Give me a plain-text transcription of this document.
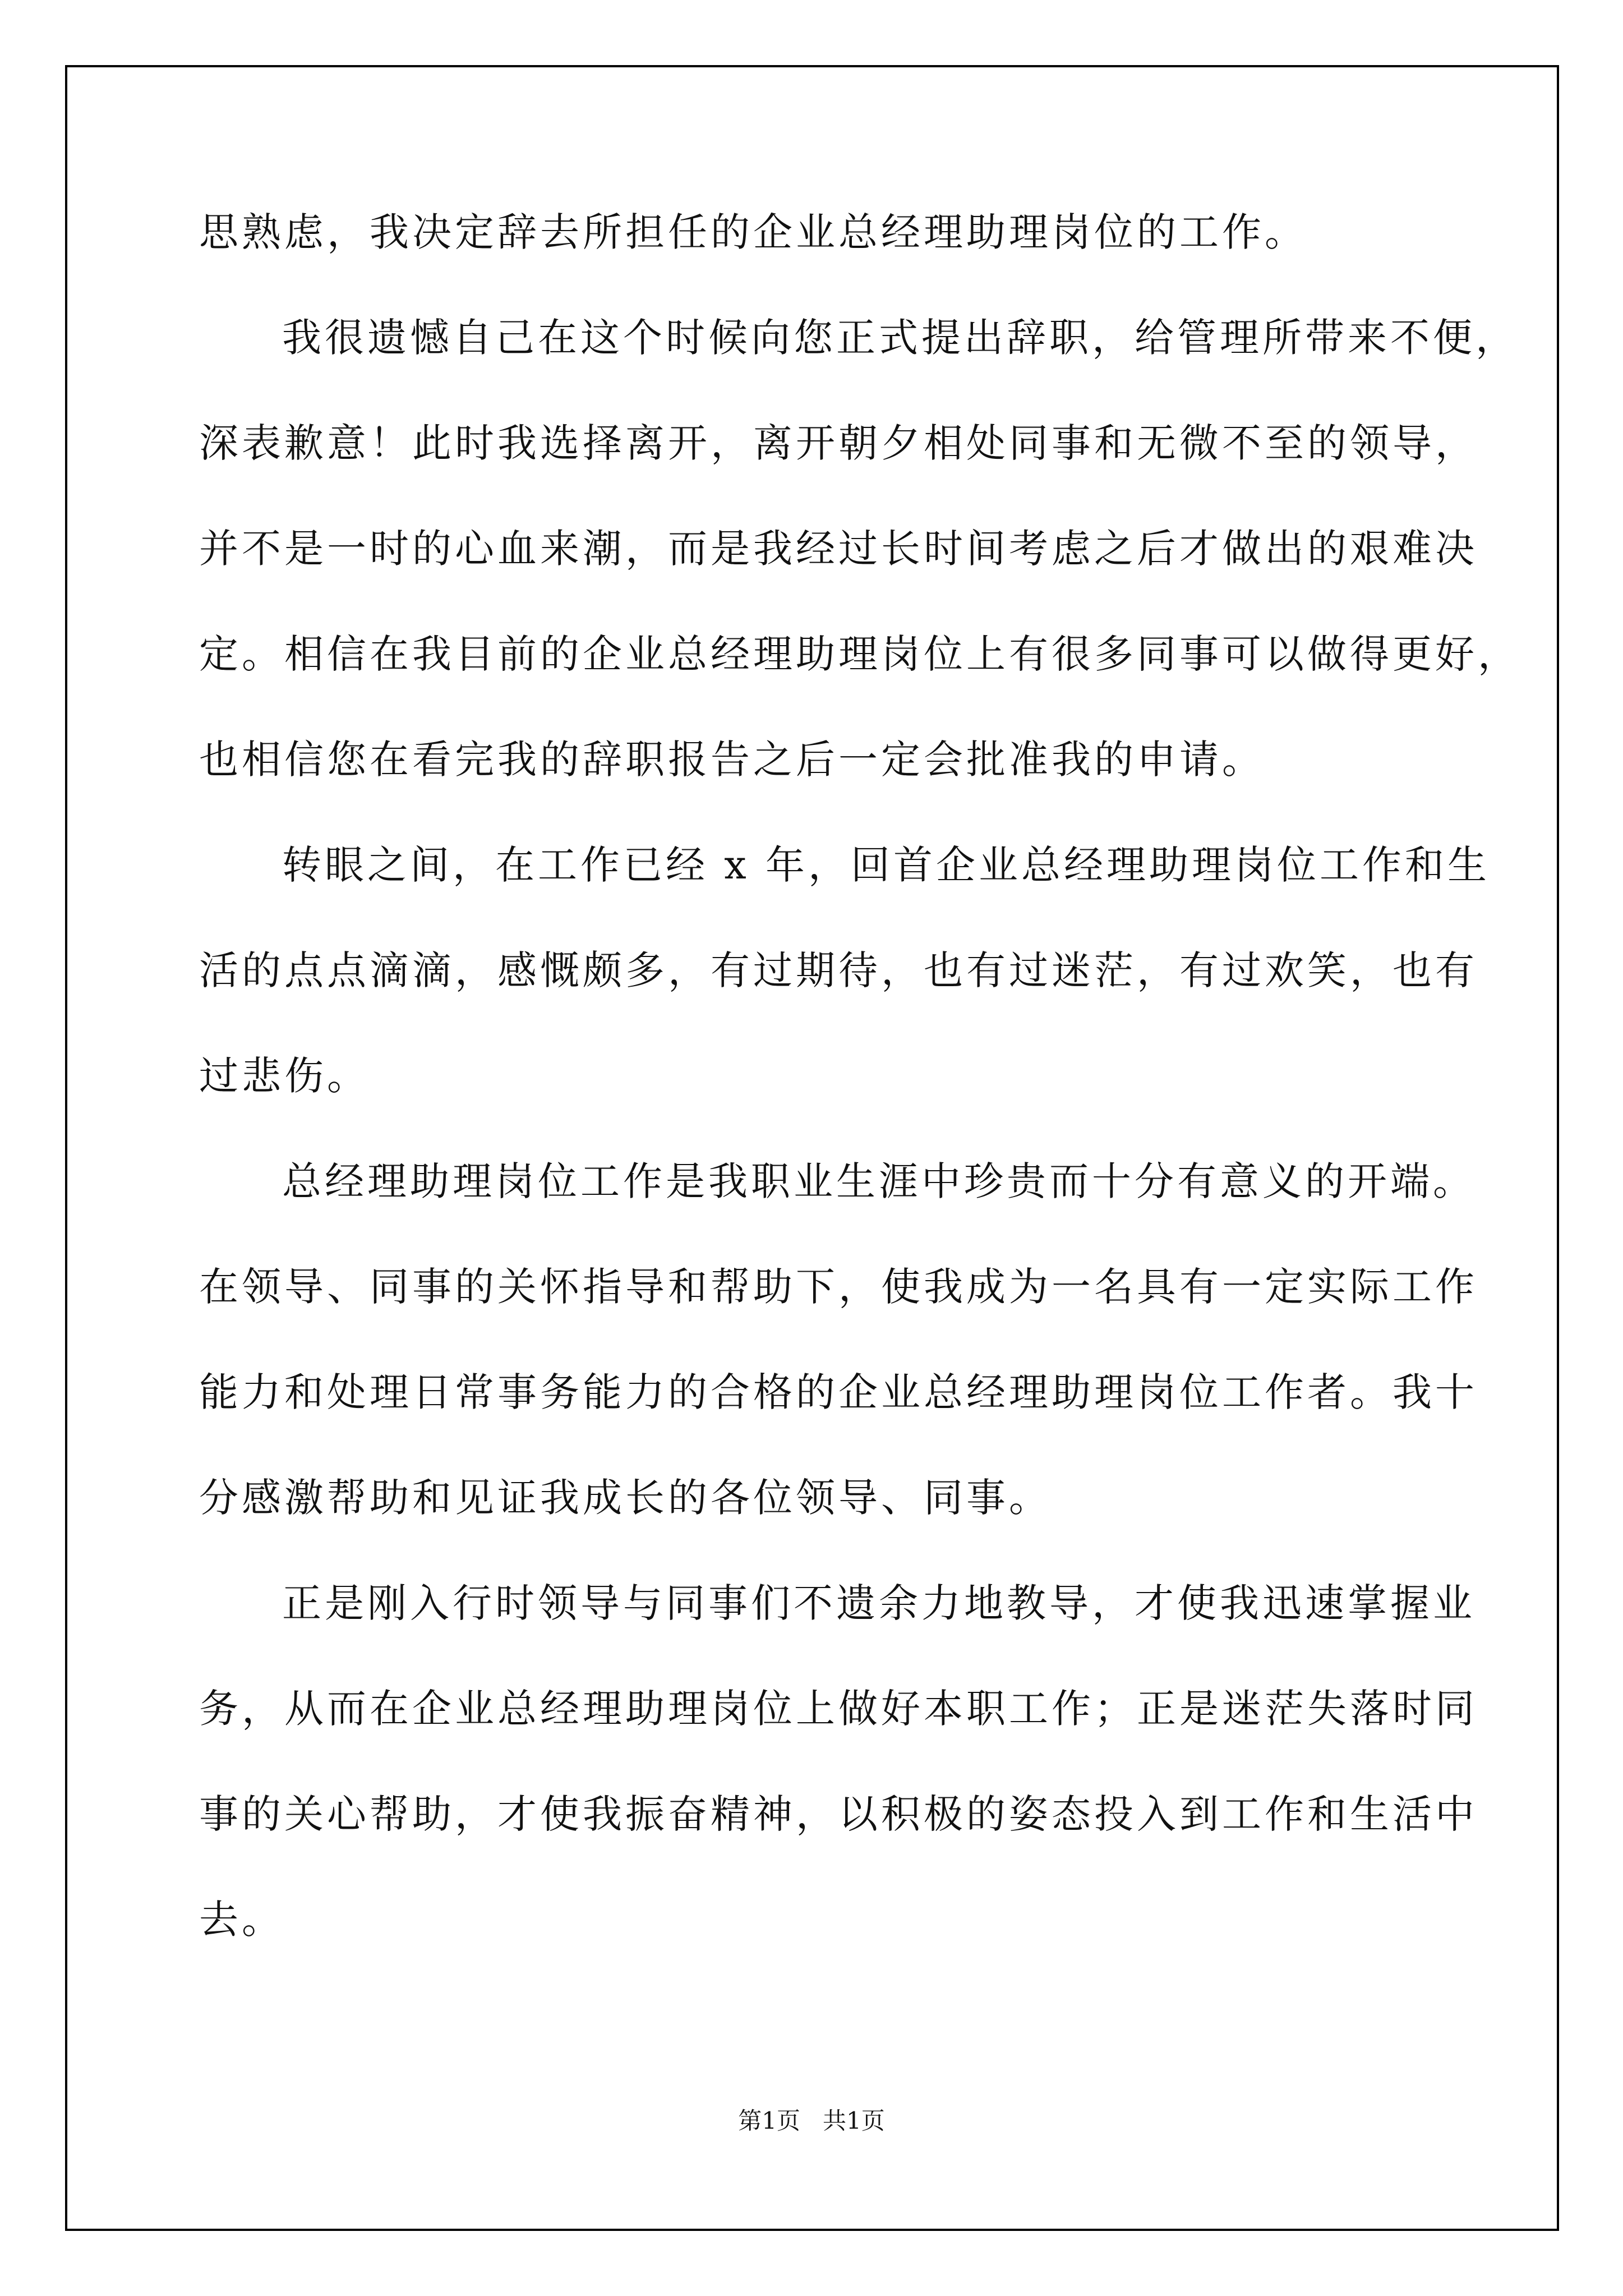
思熟虑，我决定辞去所担任的企业总经理助理岗位的工作。
我很遗憾自己在这个时候向您正式提出辞职，给管理所带来不便，
深表歉意！此时我选择离开，离开朝夕相处同事和无微不至的领导，
并不是一时的心血来潮，而是我经过长时间考虑之后才做出的艰难决
定。相信在我目前的企业总经理助理岗位上有很多同事可以做得更好，
也相信您在看完我的辞职报告之后一定会批准我的申请。
转眼之间，在工作已经 x 年，回首企业总经理助理岗位工作和生
活的点点滴滴，感慨颇多，有过期待，也有过迷茫，有过欢笑，也有
过悲伤。
总经理助理岗位工作是我职业生涯中珍贵而十分有意义的开端。
在领导、同事的关怀指导和帮助下，使我成为一名具有一定实际工作
能力和处理日常事务能力的合格的企业总经理助理岗位工作者。我十
分感激帮助和见证我成长的各位领导、同事。
正是刚入行时领导与同事们不遗余力地教导，才使我迅速掌握业
务，从而在企业总经理助理岗位上做好本职工作；正是迷茫失落时同
事的关心帮助，才使我振奋精神，以积极的姿态投入到工作和生活中
去。
第1页   共1页
